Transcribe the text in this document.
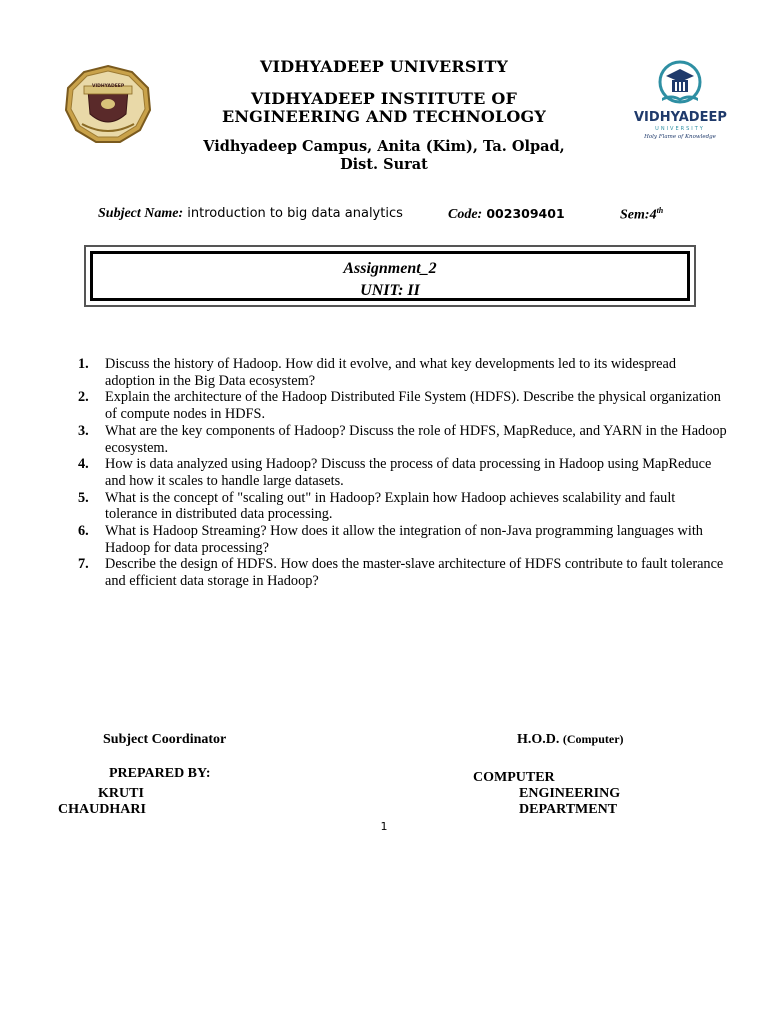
VIDHYADEEP
VIDHYADEEP
UNIVERSITY
Holy Flame of Knowledge
VIDHYADEEP UNIVERSITY
VIDHYADEEP INSTITUTE OF
ENGINEERING AND TECHNOLOGY
Vidhyadeep Campus, Anita (Kim), Ta. Olpad,
Dist. Surat
Subject Name: introduction to big data analytics	Code: 002309401	Sem:4th
Assignment_2
UNIT: II
1.	Discuss the history of Hadoop. How did it evolve, and what key developments led to its widespread adoption in the Big Data ecosystem?
2.	Explain the architecture of the Hadoop Distributed File System (HDFS). Describe the physical organization of compute nodes in HDFS.
3.	What are the key components of Hadoop? Discuss the role of HDFS, MapReduce, and YARN in the Hadoop ecosystem.
4.	How is data analyzed using Hadoop? Discuss the process of data processing in Hadoop using MapReduce and how it scales to handle large datasets.
5.	What is the concept of "scaling out" in Hadoop? Explain how Hadoop achieves scalability and fault tolerance in distributed data processing.
6.	What is Hadoop Streaming? How does it allow the integration of non-Java programming languages with Hadoop for data processing?
7.	Describe the design of HDFS. How does the master-slave architecture of HDFS contribute to fault tolerance and efficient data storage in Hadoop?
Subject Coordinator	H.O.D. (Computer)
PREPARED BY:
KRUTI
CHAUDHARI
COMPUTER
ENGINEERING
DEPARTMENT
1
